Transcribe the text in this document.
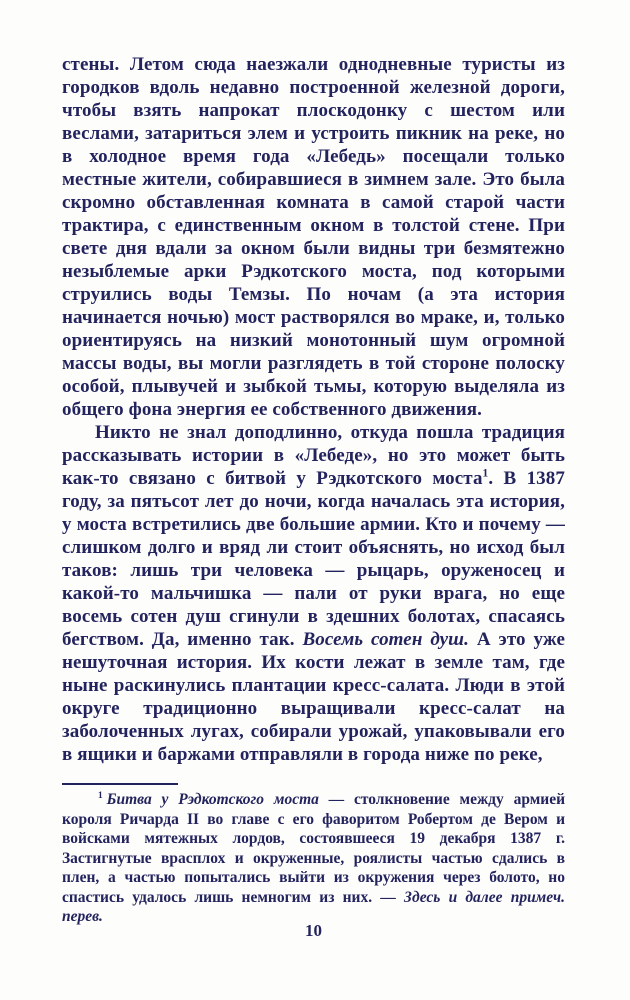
стены. Летом сюда наезжали однодневные туристы из городков вдоль недавно построенной железной дороги, чтобы взять напрокат плоскодонку с шестом или веслами, затариться элем и устроить пикник на реке, но в холодное время года «Лебедь» посещали только местные жители, собиравшиеся в зимнем зале. Это была скромно обставленная комната в самой старой части трактира, с единственным окном в толстой стене. При свете дня вдали за окном были видны три безмятежно незыблемые арки Рэдкотского моста, под которыми струились воды Темзы. По ночам (а эта история начинается ночью) мост растворялся во мраке, и, только ориентируясь на низкий монотонный шум огромной массы воды, вы могли разглядеть в той стороне полоску особой, плывучей и зыбкой тьмы, которую выделяла из общего фона энергия ее собственного движения.

Никто не знал доподлинно, откуда пошла традиция рассказывать истории в «Лебеде», но это может быть как-то связано с битвой у Рэдкотского моста$^1$. В 1387 году, за пятьсот лет до ночи, когда началась эта история, у моста встретились две большие армии. Кто и почему — слишком долго и вряд ли стоит объяснять, но исход был таков: лишь три человека — рыцарь, оруженосец и какой-то мальчишка — пали от руки врага, но еще восемь сотен душ сгинули в здешних болотах, спасаясь бегством. Да, именно так. Восемь сотен душ. А это уже нешуточная история. Их кости лежат в земле там, где ныне раскинулись плантации кресс-салата. Люди в этой округе традиционно выращивали кресс-салат на заболоченных лугах, собирали урожай, упаковывали его в ящики и баржами отправляли в города ниже по реке,

$^1$ Битва у Рэдкотского моста — столкновение между армией короля Ричарда II во главе с его фаворитом Робертом де Вером и войсками мятежных лордов, состоявшееся 19 декабря 1387 г. Застигнутые врасплох и окруженные, роялисты частью сдались в плен, а частью попытались выйти из окружения через болото, но спастись удалось лишь немногим из них. — Здесь и далее примеч. перев.

10
